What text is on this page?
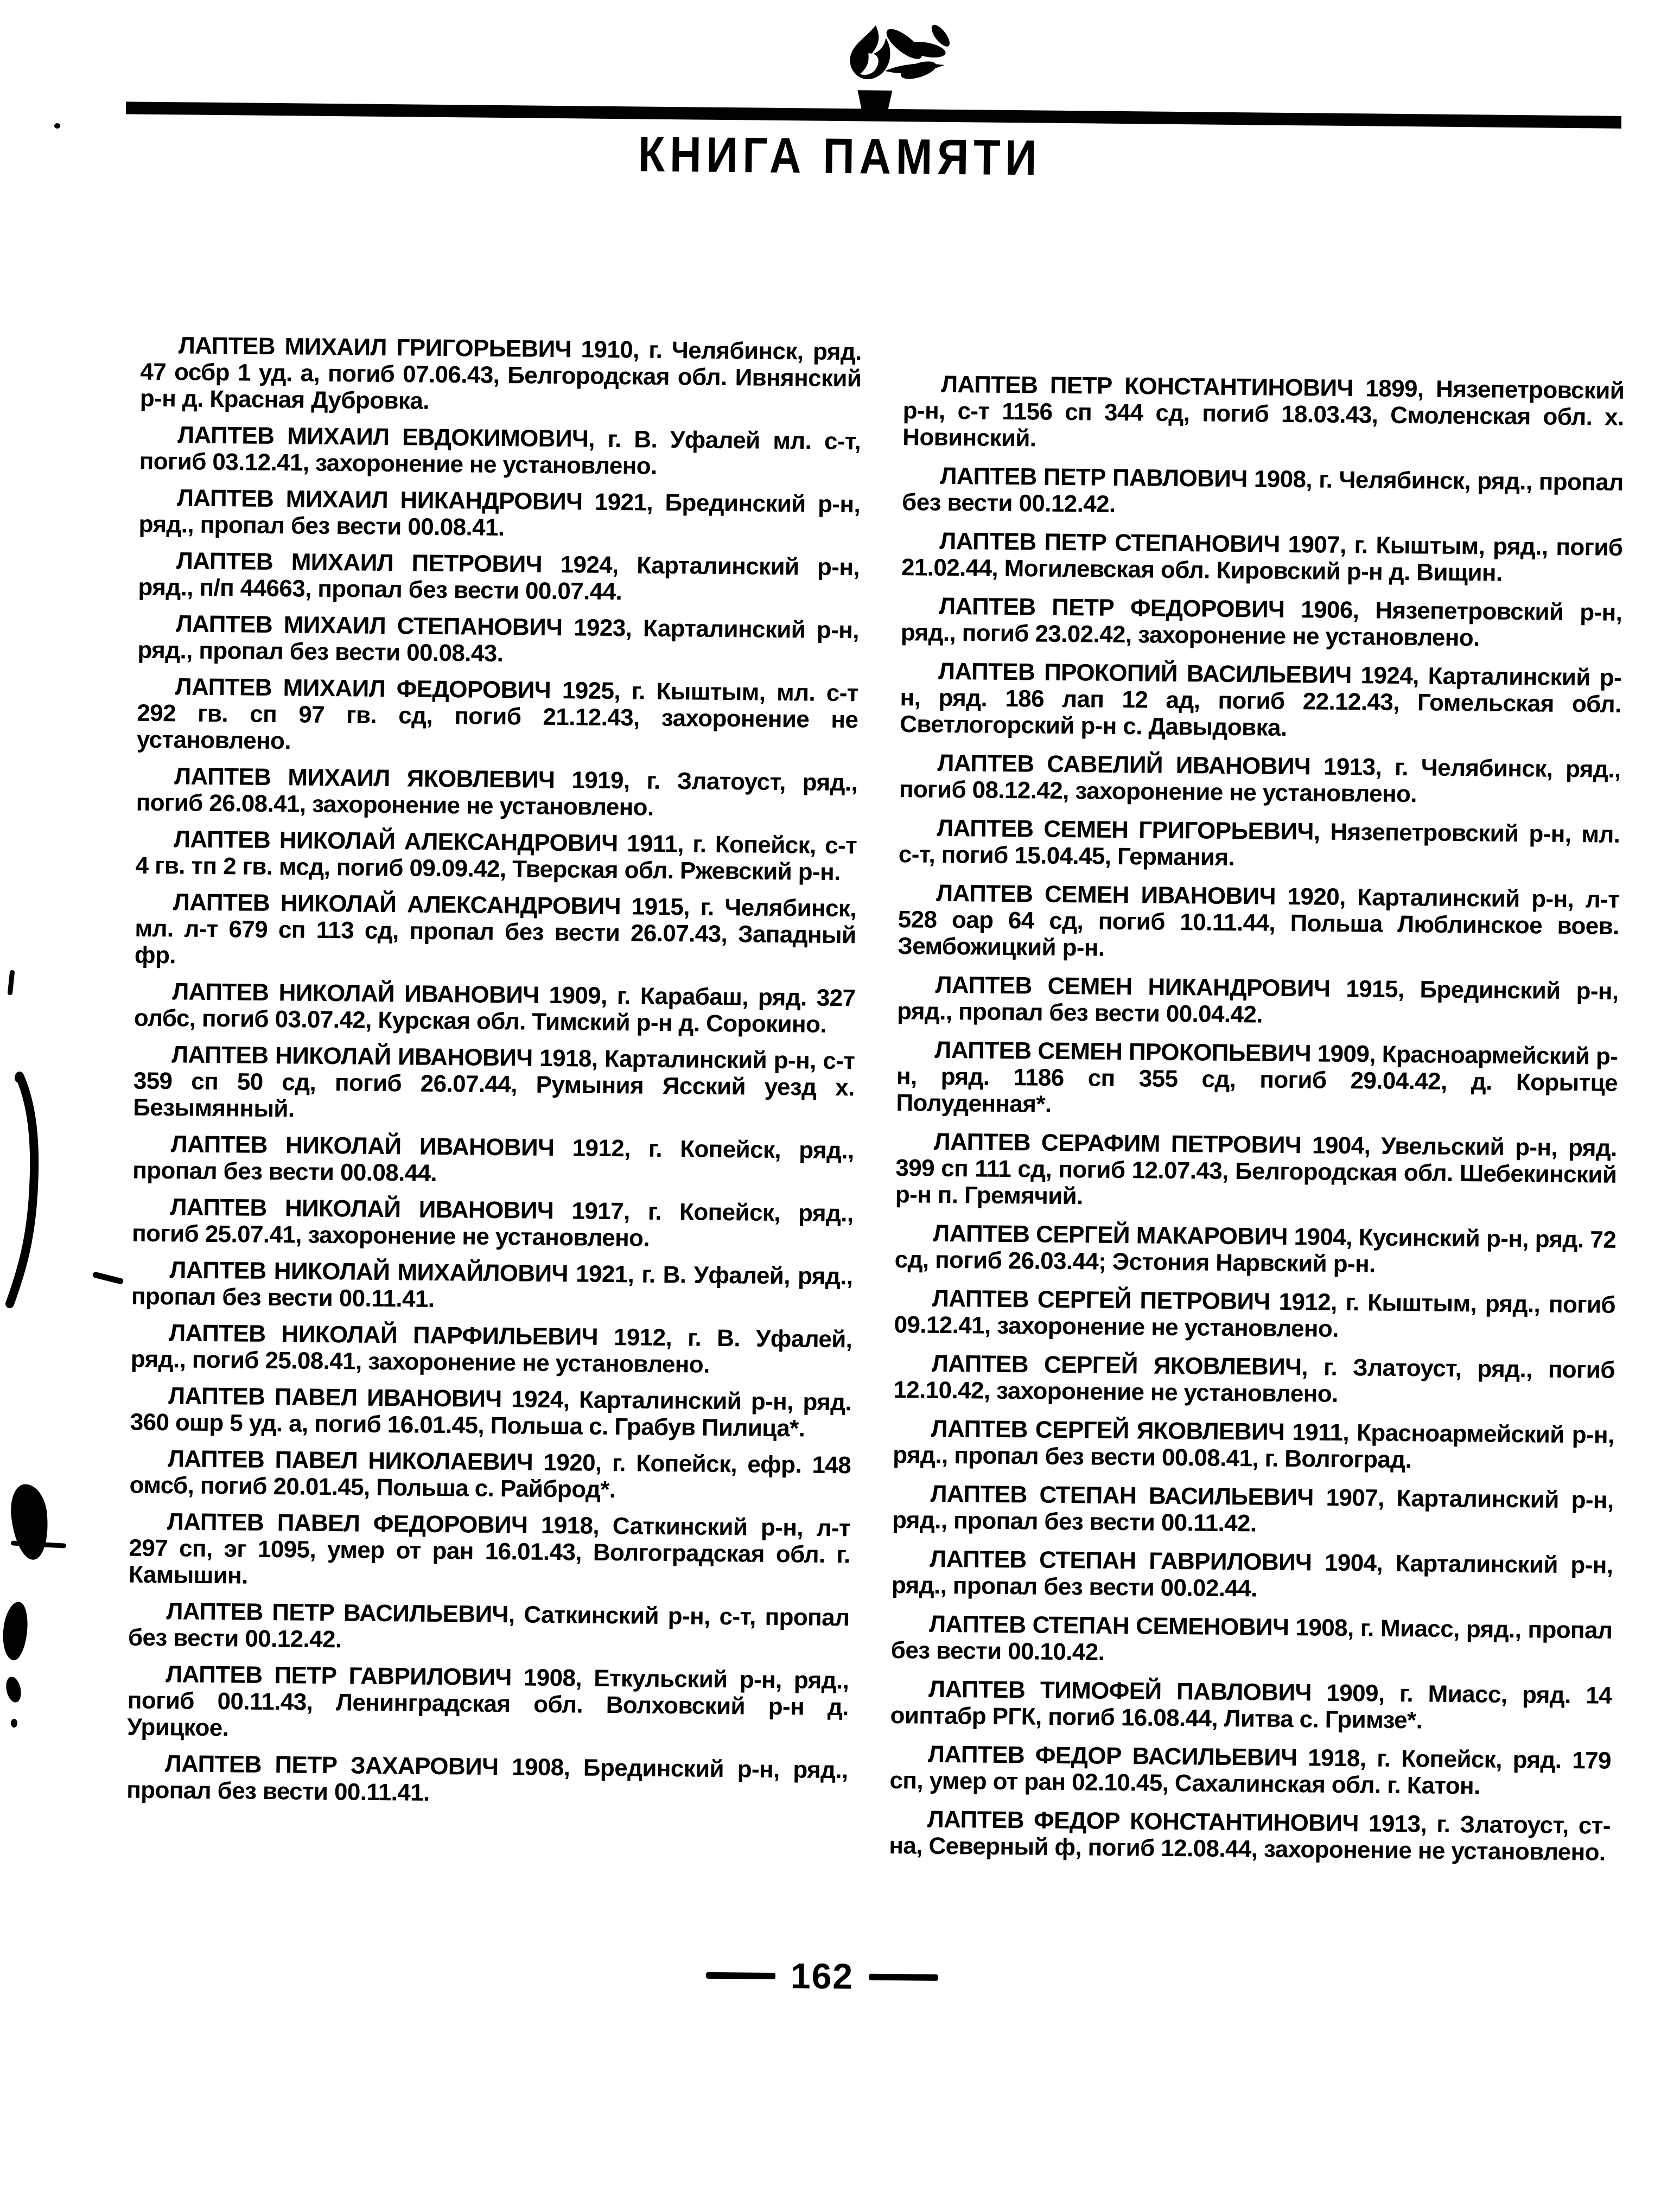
КНИГА ПАМЯТИ

ЛАПТЕВ МИХАИЛ ГРИГОРЬЕВИЧ 1910, г. Челябинск, ряд. 47 осбр 1 уд. а, погиб 07.06.43, Белгородская обл. Ивнянский р-н д. Красная Дубровка.

ЛАПТЕВ МИХАИЛ ЕВДОКИМОВИЧ, г. В. Уфалей мл. с-т, погиб 03.12.41, захоронение не установлено.

ЛАПТЕВ МИХАИЛ НИКАНДРОВИЧ 1921, Брединский р-н, ряд., пропал без вести 00.08.41.

ЛАПТЕВ МИХАИЛ ПЕТРОВИЧ 1924, Карталинский р-н, ряд., п/п 44663, пропал без вести 00.07.44.

ЛАПТЕВ МИХАИЛ СТЕПАНОВИЧ 1923, Карталинский р-н, ряд., пропал без вести 00.08.43.

ЛАПТЕВ МИХАИЛ ФЕДОРОВИЧ 1925, г. Кыштым, мл. с-т 292 гв. сп 97 гв. сд, погиб 21.12.43, захоронение не установлено.

ЛАПТЕВ МИХАИЛ ЯКОВЛЕВИЧ 1919, г. Златоуст, ряд., погиб 26.08.41, захоронение не установлено.

ЛАПТЕВ НИКОЛАЙ АЛЕКСАНДРОВИЧ 1911, г. Копейск, с-т 4 гв. тп 2 гв. мсд, погиб 09.09.42, Тверская обл. Ржевский р-н.

ЛАПТЕВ НИКОЛАЙ АЛЕКСАНДРОВИЧ 1915, г. Челябинск, мл. л-т 679 сп 113 сд, пропал без вести 26.07.43, Западный фр.

ЛАПТЕВ НИКОЛАЙ ИВАНОВИЧ 1909, г. Карабаш, ряд. 327 олбс, погиб 03.07.42, Курская обл. Тимский р-н д. Сорокино.

ЛАПТЕВ НИКОЛАЙ ИВАНОВИЧ 1918, Карталинский р-н, с-т 359 сп 50 сд, погиб 26.07.44, Румыния Ясский уезд х. Безымянный.

ЛАПТЕВ НИКОЛАЙ ИВАНОВИЧ 1912, г. Копейск, ряд., пропал без вести 00.08.44.

ЛАПТЕВ НИКОЛАЙ ИВАНОВИЧ 1917, г. Копейск, ряд., погиб 25.07.41, захоронение не установлено.

ЛАПТЕВ НИКОЛАЙ МИХАЙЛОВИЧ 1921, г. В. Уфалей, ряд., пропал без вести 00.11.41.

ЛАПТЕВ НИКОЛАЙ ПАРФИЛЬЕВИЧ 1912, г. В. Уфалей, ряд., погиб 25.08.41, захоронение не установлено.

ЛАПТЕВ ПАВЕЛ ИВАНОВИЧ 1924, Карталинский р-н, ряд. 360 ошр 5 уд. а, погиб 16.01.45, Польша с. Грабув Пилица*.

ЛАПТЕВ ПАВЕЛ НИКОЛАЕВИЧ 1920, г. Копейск, ефр. 148 омсб, погиб 20.01.45, Польша с. Райброд*.

ЛАПТЕВ ПАВЕЛ ФЕДОРОВИЧ 1918, Саткинский р-н, л-т 297 сп, эг 1095, умер от ран 16.01.43, Волгоградская обл. г. Камышин.

ЛАПТЕВ ПЕТР ВАСИЛЬЕВИЧ, Саткинский р-н, с-т, пропал без вести 00.12.42.

ЛАПТЕВ ПЕТР ГАВРИЛОВИЧ 1908, Еткульский р-н, ряд., погиб 00.11.43, Ленинградская обл. Волховский р-н д. Урицкое.

ЛАПТЕВ ПЕТР ЗАХАРОВИЧ 1908, Брединский р-н, ряд., пропал без вести 00.11.41.

ЛАПТЕВ ПЕТР КОНСТАНТИНОВИЧ 1899, Нязепетровский р-н, с-т 1156 сп 344 сд, погиб 18.03.43, Смоленская обл. х. Новинский.

ЛАПТЕВ ПЕТР ПАВЛОВИЧ 1908, г. Челябинск, ряд., пропал без вести 00.12.42.

ЛАПТЕВ ПЕТР СТЕПАНОВИЧ 1907, г. Кыштым, ряд., погиб 21.02.44, Могилевская обл. Кировский р-н д. Вищин.

ЛАПТЕВ ПЕТР ФЕДОРОВИЧ 1906, Нязепетровский р-н, ряд., погиб 23.02.42, захоронение не установлено.

ЛАПТЕВ ПРОКОПИЙ ВАСИЛЬЕВИЧ 1924, Карталинский р-н, ряд. 186 лап 12 ад, погиб 22.12.43, Гомельская обл. Светлогорский р-н с. Давыдовка.

ЛАПТЕВ САВЕЛИЙ ИВАНОВИЧ 1913, г. Челябинск, ряд., погиб 08.12.42, захоронение не установлено.

ЛАПТЕВ СЕМЕН ГРИГОРЬЕВИЧ, Нязепетровский р-н, мл. с-т, погиб 15.04.45, Германия.

ЛАПТЕВ СЕМЕН ИВАНОВИЧ 1920, Карталинский р-н, л-т 528 оар 64 сд, погиб 10.11.44, Польша Люблинское воев. Зембожицкий р-н.

ЛАПТЕВ СЕМЕН НИКАНДРОВИЧ 1915, Брединский р-н, ряд., пропал без вести 00.04.42.

ЛАПТЕВ СЕМЕН ПРОКОПЬЕВИЧ 1909, Красноармейский р-н, ряд. 1186 сп 355 сд, погиб 29.04.42, д. Корытце Полуденная*.

ЛАПТЕВ СЕРАФИМ ПЕТРОВИЧ 1904, Увельский р-н, ряд. 399 сп 111 сд, погиб 12.07.43, Белгородская обл. Шебекинский р-н п. Гремячий.

ЛАПТЕВ СЕРГЕЙ МАКАРОВИЧ 1904, Кусинский р-н, ряд. 72 сд, погиб 26.03.44; Эстония Нарвский р-н.

ЛАПТЕВ СЕРГЕЙ ПЕТРОВИЧ 1912, г. Кыштым, ряд., погиб 09.12.41, захоронение не установлено.

ЛАПТЕВ СЕРГЕЙ ЯКОВЛЕВИЧ, г. Златоуст, ряд., погиб 12.10.42, захоронение не установлено.

ЛАПТЕВ СЕРГЕЙ ЯКОВЛЕВИЧ 1911, Красноармейский р-н, ряд., пропал без вести 00.08.41, г. Волгоград.

ЛАПТЕВ СТЕПАН ВАСИЛЬЕВИЧ 1907, Карталинский р-н, ряд., пропал без вести 00.11.42.

ЛАПТЕВ СТЕПАН ГАВРИЛОВИЧ 1904, Карталинский р-н, ряд., пропал без вести 00.02.44.

ЛАПТЕВ СТЕПАН СЕМЕНОВИЧ 1908, г. Миасс, ряд., пропал без вести 00.10.42.

ЛАПТЕВ ТИМОФЕЙ ПАВЛОВИЧ 1909, г. Миасс, ряд. 14 оиптабр РГК, погиб 16.08.44, Литва с. Гримзе*.

ЛАПТЕВ ФЕДОР ВАСИЛЬЕВИЧ 1918, г. Копейск, ряд. 179 сп, умер от ран 02.10.45, Сахалинская обл. г. Катон.

ЛАПТЕВ ФЕДОР КОНСТАНТИНОВИЧ 1913, г. Златоуст, ст-на, Северный ф, погиб 12.08.44, захоронение не установлено.

162
